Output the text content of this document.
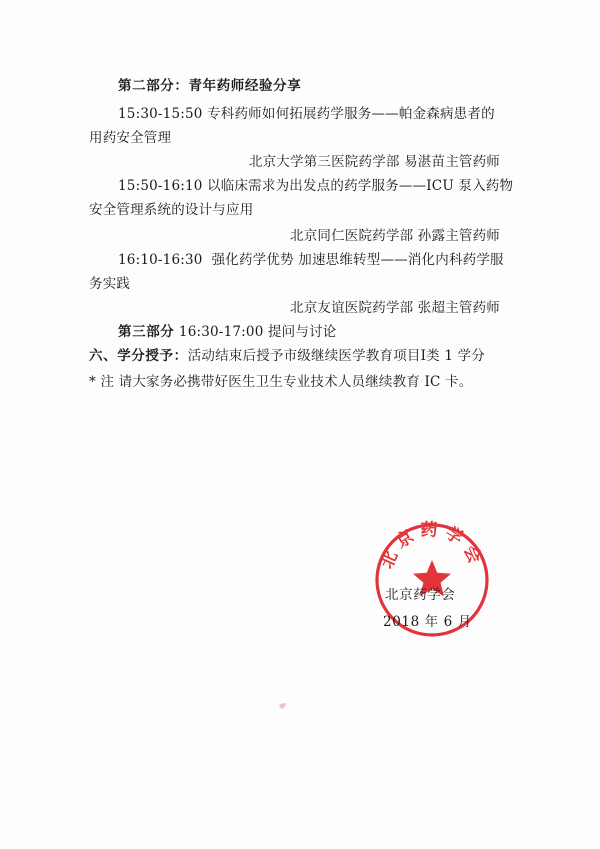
第二部分：青年药师经验分享
15:30-15:50 专科药师如何拓展药学服务——帕金森病患者的
用药安全管理
北京大学第三医院药学部 易湛苗主管药师
15:50-16:10 以临床需求为出发点的药学服务——ICU 泵入药物
安全管理系统的设计与应用
北京同仁医院药学部 孙露主管药师
16:10-16:30 强化药学优势 加速思维转型——消化内科药学服
务实践
北京友谊医院药学部 张超主管药师
第三部分 16:30-17:00 提问与讨论
六、学分授予：活动结束后授予市级继续医学教育项目Ⅰ类 1 学分
* 注 请大家务必携带好医生卫生专业技术人员继续教育 IC 卡。
北京药学会
北京药学会
2018 年 6 月
